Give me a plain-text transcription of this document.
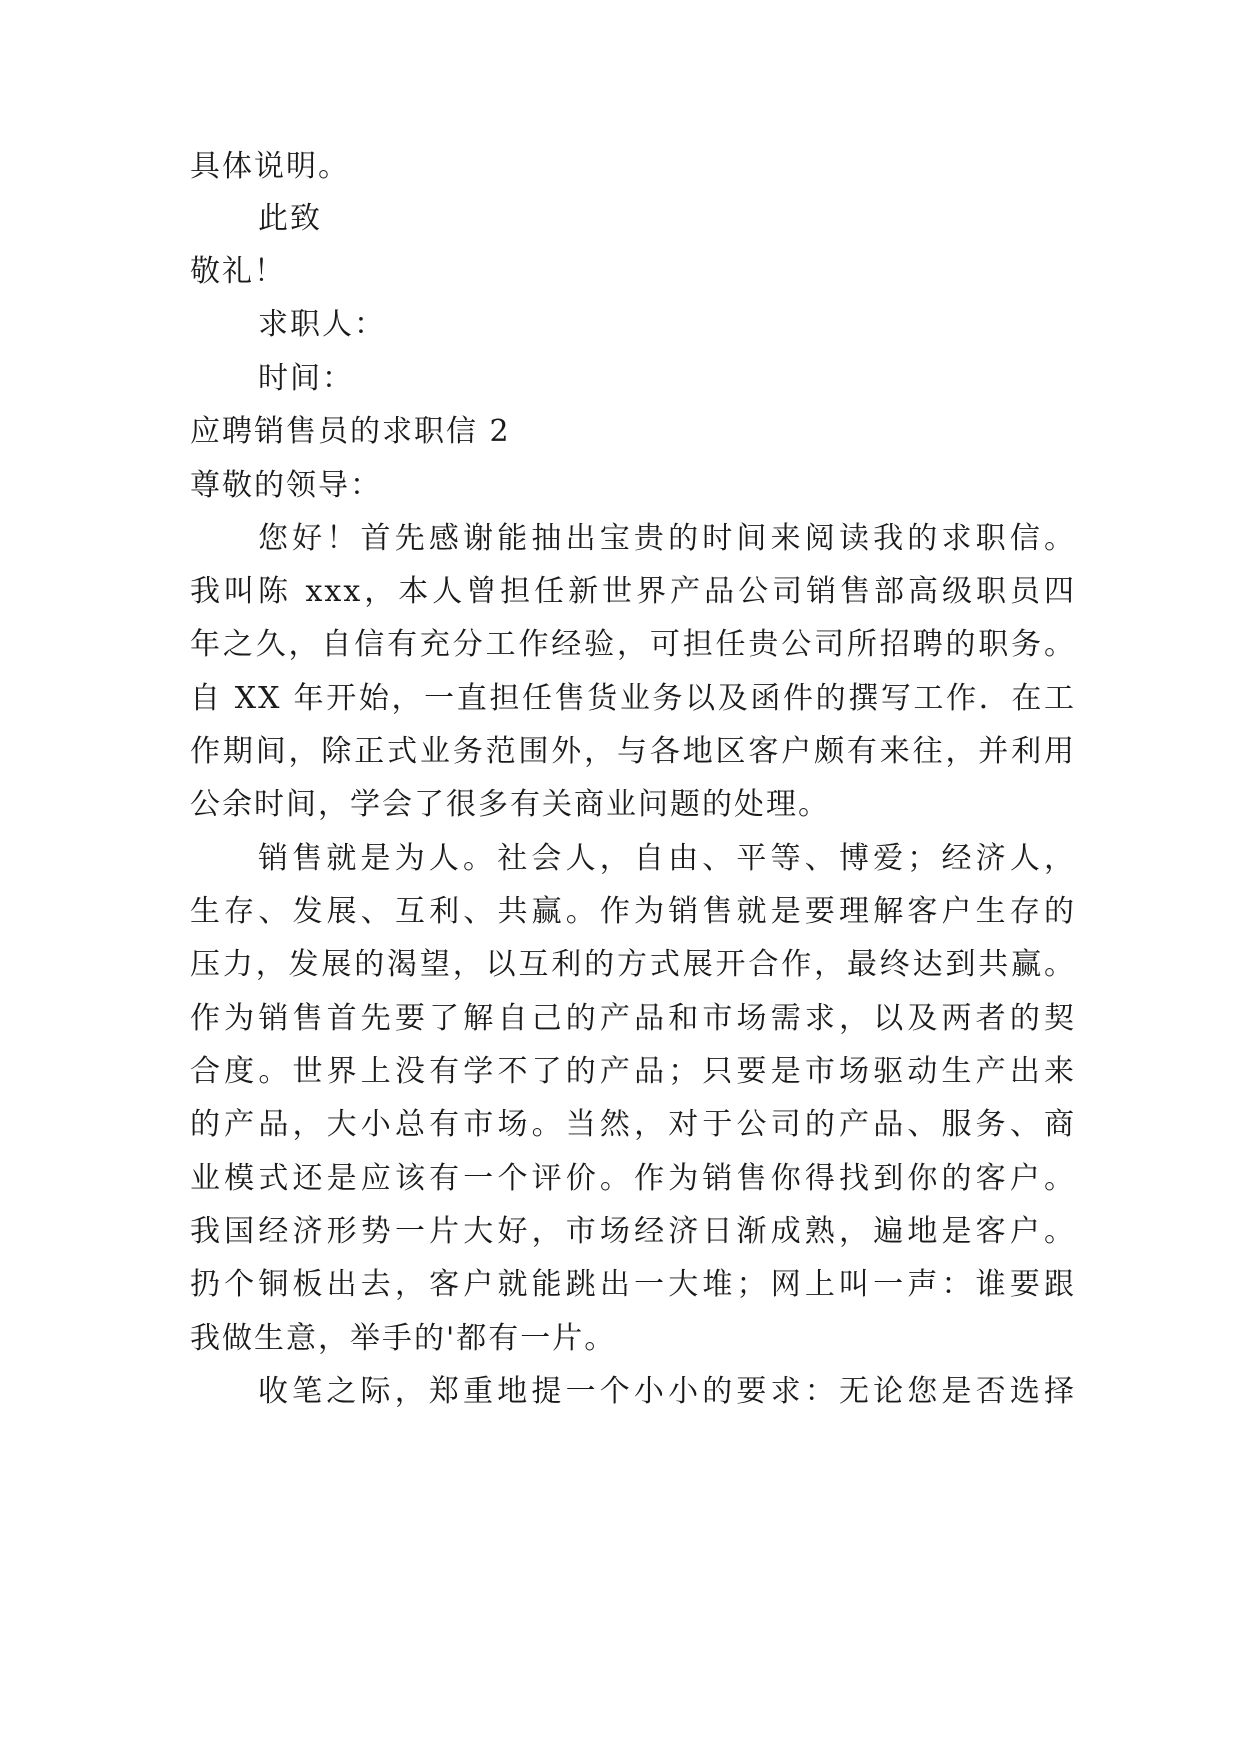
具体说明。
此致
敬礼！
求职人：
时间：
应聘销售员的求职信 2
尊敬的领导：
您好！首先感谢能抽出宝贵的时间来阅读我的求职信。
我叫陈 xxx，本人曾担任新世界产品公司销售部高级职员四
年之久，自信有充分工作经验，可担任贵公司所招聘的职务。
自 XX 年开始，一直担任售货业务以及函件的撰写工作．在工
作期间，除正式业务范围外，与各地区客户颇有来往，并利用
公余时间，学会了很多有关商业问题的处理。
销售就是为人。社会人，自由、平等、博爱；经济人，
生存、发展、互利、共赢。作为销售就是要理解客户生存的
压力，发展的渴望，以互利的方式展开合作，最终达到共赢。
作为销售首先要了解自己的产品和市场需求，以及两者的契
合度。世界上没有学不了的产品；只要是市场驱动生产出来
的产品，大小总有市场。当然，对于公司的产品、服务、商
业模式还是应该有一个评价。作为销售你得找到你的客户。
我国经济形势一片大好，市场经济日渐成熟，遍地是客户。
扔个铜板出去，客户就能跳出一大堆；网上叫一声：谁要跟
我做生意，举手的'都有一片。
收笔之际，郑重地提一个小小的要求：无论您是否选择
